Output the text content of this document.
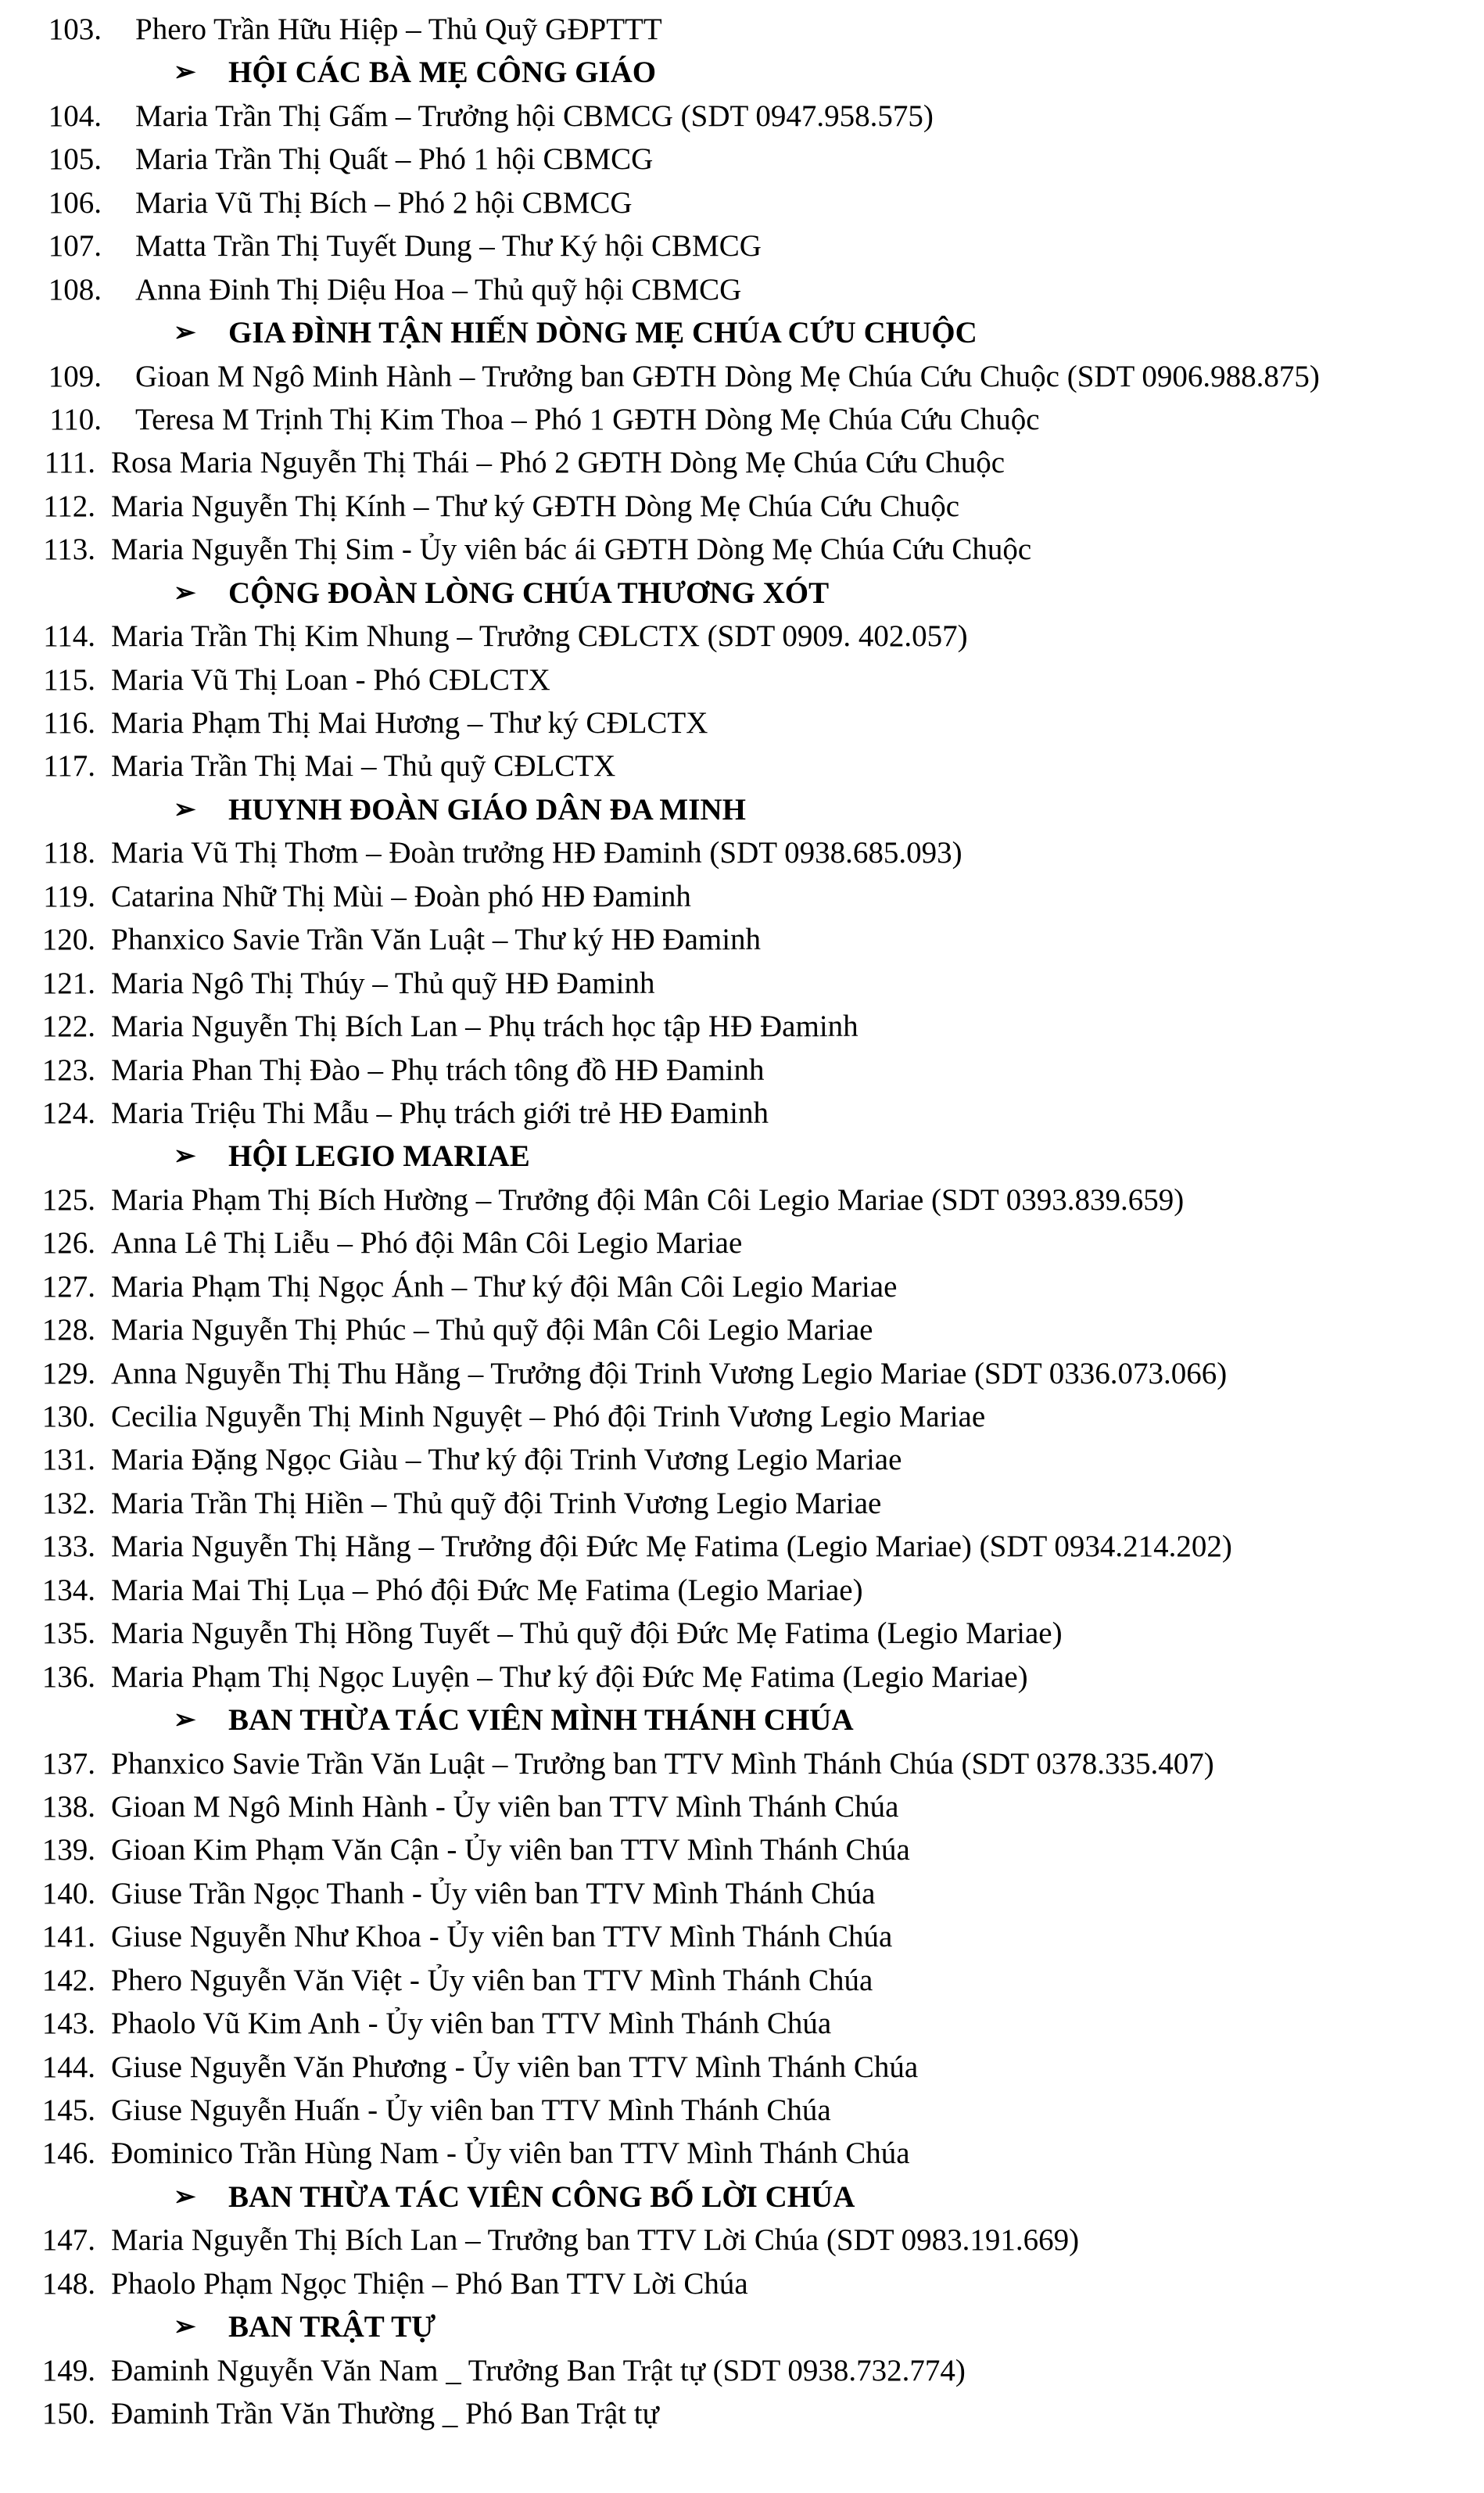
103. Phero Trần Hữu Hiệp – Thủ Quỹ GĐPTTT
➢ HỘI CÁC BÀ MẸ CÔNG GIÁO
104. Maria Trần Thị Gấm – Trưởng hội CBMCG (SDT 0947.958.575)
105. Maria Trần Thị Quất – Phó 1 hội CBMCG
106. Maria Vũ Thị Bích – Phó 2 hội CBMCG
107. Matta Trần Thị Tuyết Dung – Thư Ký hội CBMCG
108. Anna Đinh Thị Diệu Hoa – Thủ quỹ hội CBMCG
➢ GIA ĐÌNH TẬN HIẾN DÒNG MẸ CHÚA CỨU CHUỘC
109. Gioan M Ngô Minh Hành – Trưởng ban GĐTH Dòng Mẹ Chúa Cứu Chuộc (SDT 0906.988.875)
110. Teresa M Trịnh Thị Kim Thoa – Phó 1 GĐTH Dòng Mẹ Chúa Cứu Chuộc
111. Rosa Maria Nguyễn Thị Thái – Phó 2 GĐTH Dòng Mẹ Chúa Cứu Chuộc
112. Maria Nguyễn Thị Kính – Thư ký GĐTH Dòng Mẹ Chúa Cứu Chuộc
113. Maria Nguyễn Thị Sim - Ủy viên bác ái GĐTH Dòng Mẹ Chúa Cứu Chuộc
➢ CỘNG ĐOÀN LÒNG CHÚA THƯƠNG XÓT
114. Maria Trần Thị Kim Nhung – Trưởng CĐLCTX (SDT 0909. 402.057)
115. Maria Vũ Thị Loan - Phó CĐLCTX
116. Maria Phạm Thị Mai Hương – Thư ký CĐLCTX
117. Maria Trần Thị Mai – Thủ quỹ CĐLCTX
➢ HUYNH ĐOÀN GIÁO DÂN ĐA MINH
118. Maria Vũ Thị Thơm – Đoàn trưởng HĐ Đaminh (SDT 0938.685.093)
119. Catarina Nhữ Thị Mùi – Đoàn phó HĐ Đaminh
120. Phanxico Savie Trần Văn Luật – Thư ký HĐ Đaminh
121. Maria Ngô Thị Thúy – Thủ quỹ HĐ Đaminh
122. Maria Nguyễn Thị Bích Lan – Phụ trách học tập HĐ Đaminh
123. Maria Phan Thị Đào – Phụ trách tông đồ HĐ Đaminh
124. Maria Triệu Thi Mẫu – Phụ trách giới trẻ HĐ Đaminh
➢ HỘI LEGIO MARIAE
125. Maria Phạm Thị Bích Hường – Trưởng đội Mân Côi Legio Mariae (SDT 0393.839.659)
126. Anna Lê Thị Liễu – Phó đội Mân Côi Legio Mariae
127. Maria Phạm Thị Ngọc Ánh – Thư ký đội Mân Côi Legio Mariae
128. Maria Nguyễn Thị Phúc – Thủ quỹ đội Mân Côi Legio Mariae
129. Anna Nguyễn Thị Thu Hằng – Trưởng đội Trinh Vương Legio Mariae (SDT 0336.073.066)
130. Cecilia Nguyễn Thị Minh Nguyệt – Phó đội Trinh Vương Legio Mariae
131. Maria Đặng Ngọc Giàu – Thư ký đội Trinh Vương Legio Mariae
132. Maria Trần Thị Hiền – Thủ quỹ đội Trinh Vương Legio Mariae
133. Maria Nguyễn Thị Hằng – Trưởng đội Đức Mẹ Fatima (Legio Mariae) (SDT 0934.214.202)
134. Maria Mai Thị Lụa – Phó đội Đức Mẹ Fatima (Legio Mariae)
135. Maria Nguyễn Thị Hồng Tuyết – Thủ quỹ đội Đức Mẹ Fatima (Legio Mariae)
136. Maria Phạm Thị Ngọc Luyện – Thư ký đội Đức Mẹ Fatima (Legio Mariae)
➢ BAN THỪA TÁC VIÊN MÌNH THÁNH CHÚA
137. Phanxico Savie Trần Văn Luật – Trưởng ban TTV Mình Thánh Chúa (SDT 0378.335.407)
138. Gioan M Ngô Minh Hành - Ủy viên ban TTV Mình Thánh Chúa
139. Gioan Kim Phạm Văn Cận - Ủy viên ban TTV Mình Thánh Chúa
140. Giuse Trần Ngọc Thanh - Ủy viên ban TTV Mình Thánh Chúa
141. Giuse Nguyễn Như Khoa - Ủy viên ban TTV Mình Thánh Chúa
142. Phero Nguyễn Văn Việt - Ủy viên ban TTV Mình Thánh Chúa
143. Phaolo Vũ Kim Anh - Ủy viên ban TTV Mình Thánh Chúa
144. Giuse Nguyễn Văn Phương - Ủy viên ban TTV Mình Thánh Chúa
145. Giuse Nguyễn Huấn - Ủy viên ban TTV Mình Thánh Chúa
146. Đominico Trần Hùng Nam - Ủy viên ban TTV Mình Thánh Chúa
➢ BAN THỪA TÁC VIÊN CÔNG BỐ LỜI CHÚA
147. Maria Nguyễn Thị Bích Lan – Trưởng ban TTV Lời Chúa (SDT 0983.191.669)
148. Phaolo Phạm Ngọc Thiện – Phó Ban TTV Lời Chúa
➢ BAN TRẬT TỰ
149. Đaminh Nguyễn Văn Nam _ Trưởng Ban Trật tự (SDT 0938.732.774)
150. Đaminh Trần Văn Thường _ Phó Ban Trật tự
